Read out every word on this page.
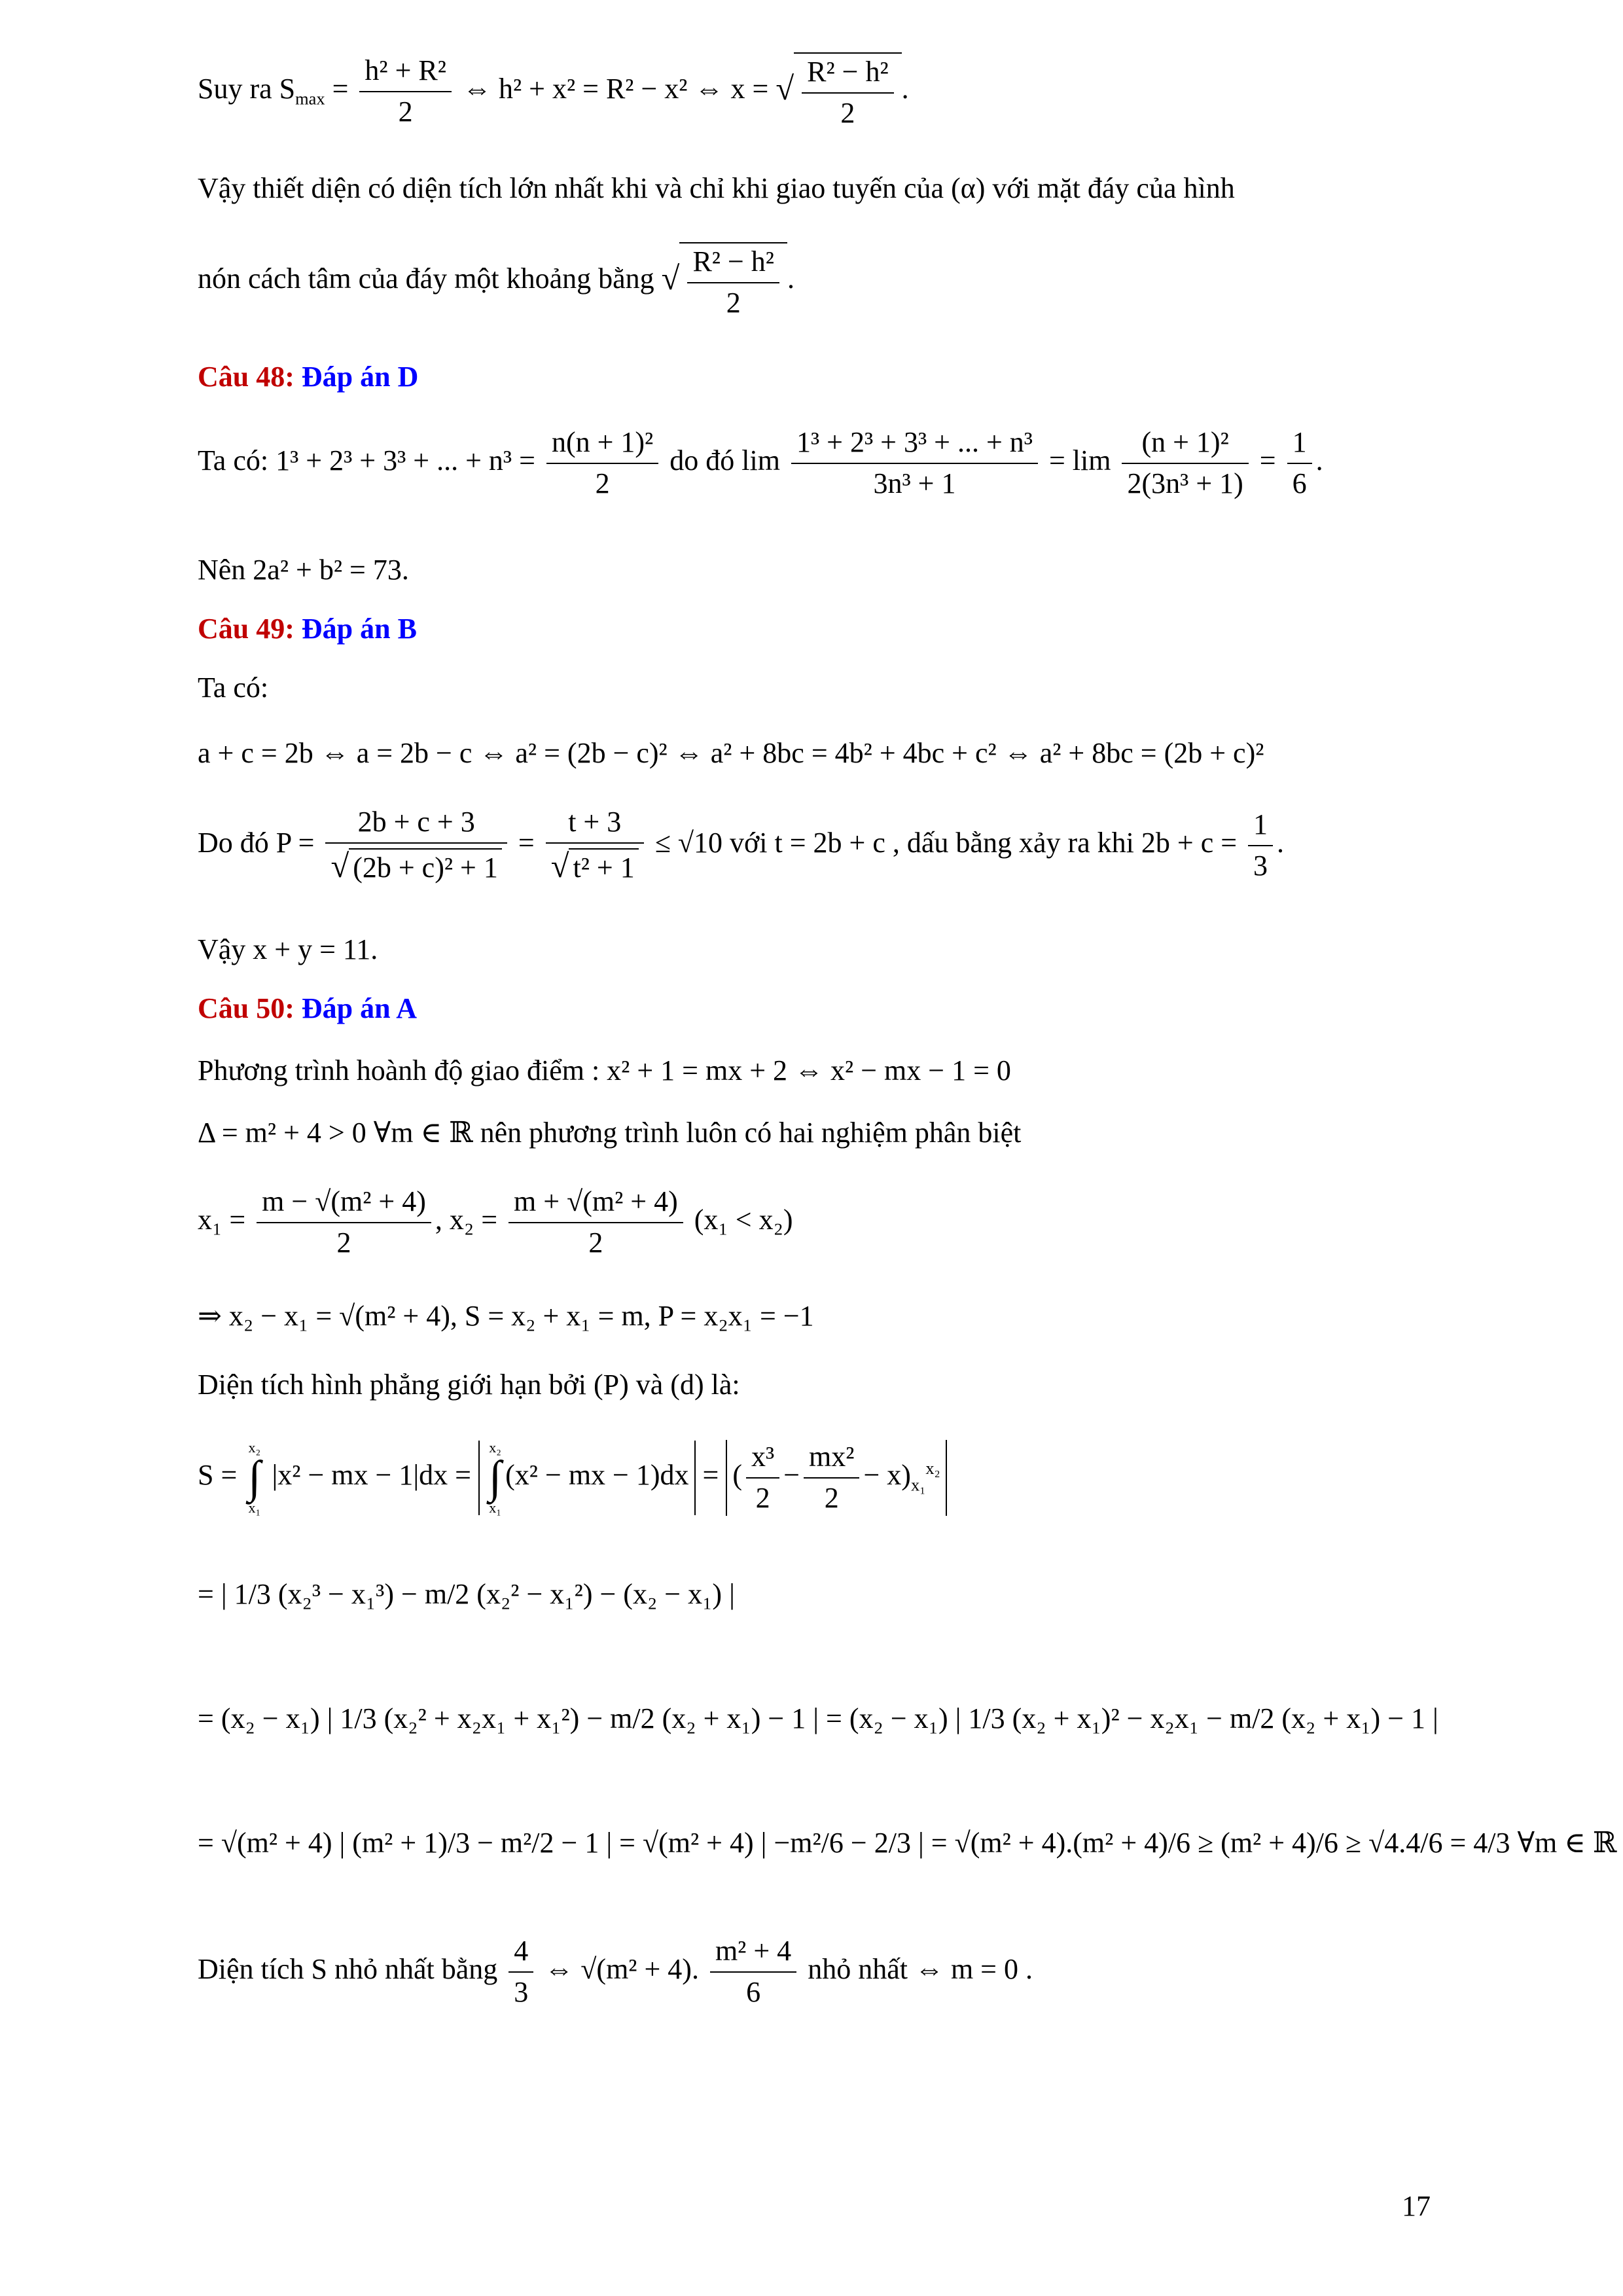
Suy ra $S_{max} = \frac{\text{h² + R²}}{2}$ ⇔ h² + x² = R² − x² ⇔ x = √ $\frac{\text{R² − h²}}{2}$ .
Vậy thiết diện có diện tích lớn nhất khi và chỉ khi giao tuyến của (α) với mặt đáy của hình
nón cách tâm của đáy một khoảng bằng √ $\frac{\text{R² − h²}}{2}$ .
Câu 48: Đáp án D
Ta có: 1³ + 2³ + 3³ + ... + $n^3 = \frac{\text{n(n + 1)²}}{2}$ do đó $\lim \frac{\text{1³ + 2³ + 3³ + ... + n³}}{\text{3n³ + 1}} = \lim \frac{\text{(n + 1)²}}{\text{2(3n³ + 1)}} = \frac{1}{6}$ .
Nên 2a² + b² = 73.
Câu 49: Đáp án B
Ta có:
a + c = 2b ⇔ a = 2b − c ⇔ a² = (2b − c)² ⇔ a² + 8bc = 4b² + 4bc + c² ⇔ a² + 8bc = (2b + c)²
Do đó $P = \frac{2b + c + 3}{\text{√ (2b + c)² + 1}} = \frac{t + 3}{\text{√ t² + 1}} \le √10$ với t = 2b + c , dấu bằng xảy ra khi $2b + c = \frac{1}{3}$ .
Vậy x + y = 11.
Câu 50: Đáp án A
Phương trình hoành độ giao điểm : x² + 1 = mx + 2 ⇔ x² − mx − 1 = 0
Δ = m² + 4 > 0 ∀m ∈ ℝ nên phương trình luôn có hai nghiệm phân biệt
$x_1 = \frac{\text{m − √(m² + 4)}}{2}$ , $x_2 = \frac{\text{m + √(m² + 4)}}{2} (x_1 < x_2)$
⇒ x₂ − x₁ = √(m² + 4), S = x₂ + x₁ = m, P = x₂x₁ = −1
Diện tích hình phẳng giới hạn bởi (P) và (d) là:
S =
x₂
∫
x₁
|x² − mx − 1|dx =
x₂
∫
x₁
(x² − mx − 1)dx = ( $\frac{\text{x³}}{2} - \frac{\text{mx²}}{2} - x)_{x_1}^{x_2}$
= | 1/3 (x₂³ − x₁³) − m/2 (x₂² − x₁²) − (x₂ − x₁) |
= (x₂ − x₁) | 1/3 (x₂² + x₂x₁ + x₁²) − m/2 (x₂ + x₁) − 1 | = (x₂ − x₁) | 1/3 (x₂ + x₁)² − x₂x₁ − m/2 (x₂ + x₁) − 1 |
= √(m² + 4) | (m² + 1)/3 − m²/2 − 1 | = √(m² + 4) | −m²/6 − 2/3 | = √(m² + 4).(m² + 4)/6 ≥ (m² + 4)/6 ≥ √4.4/6 = 4/3 ∀m ∈ ℝ
Diện tích S nhỏ nhất bằng $\frac{4}{3}$ ⇔ √(m² + 4). $\frac{\text{m² + 4}}{6}$ nhỏ nhất ⇔ m = 0 .
17
